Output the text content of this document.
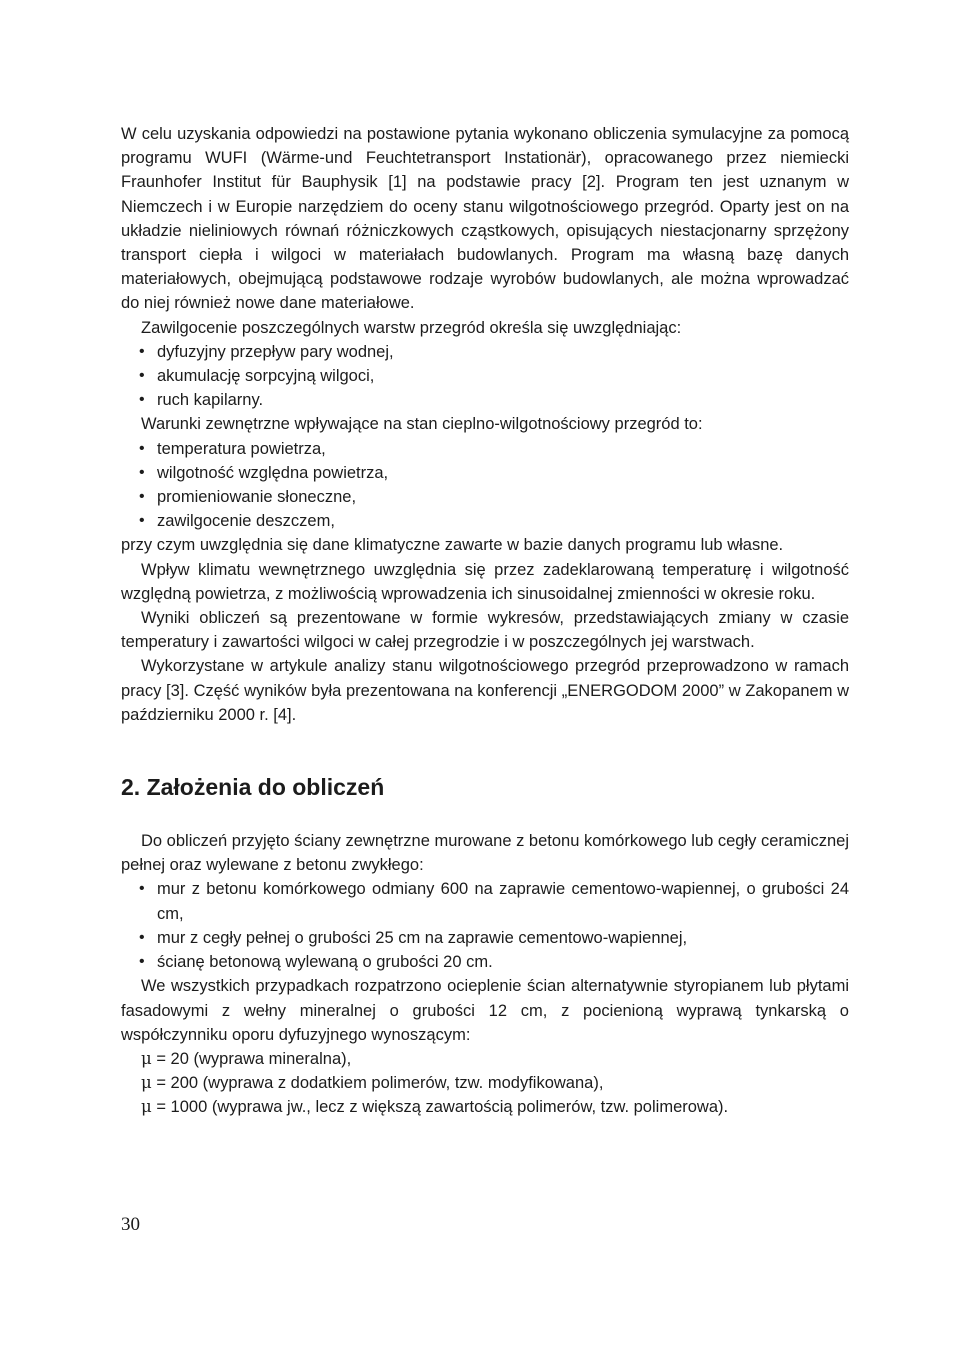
W celu uzyskania odpowiedzi na postawione pytania wykonano obliczenia symulacyjne za pomocą programu WUFI (Wärme-und Feuchtetransport Instationär), opracowanego przez niemiecki Fraunhofer Institut für Bauphysik [1] na podstawie pracy [2]. Program ten jest uznanym w Niemczech i w Europie narzędziem do oceny stanu wilgotnościowego przegród. Oparty jest on na układzie nieliniowych równań różniczkowych cząstkowych, opisujących niestacjonarny sprzężony transport ciepła i wilgoci w materiałach budowlanych. Program ma własną bazę danych materiałowych, obejmującą podstawowe rodzaje wyrobów budowlanych, ale można wprowadzać do niej również nowe dane materiałowe.

Zawilgocenie poszczególnych warstw przegród określa się uwzględniając:

• dyfuzyjny przepływ pary wodnej,
• akumulację sorpcyjną wilgoci,
• ruch kapilarny.

Warunki zewnętrzne wpływające na stan cieplno-wilgotnościowy przegród to:

• temperatura powietrza,
• wilgotność względna powietrza,
• promieniowanie słoneczne,
• zawilgocenie deszczem,

przy czym uwzględnia się dane klimatyczne zawarte w bazie danych programu lub własne.

Wpływ klimatu wewnętrznego uwzględnia się przez zadeklarowaną temperaturę i wilgotność względną powietrza, z możliwością wprowadzenia ich sinusoidalnej zmienności w okresie roku.

Wyniki obliczeń są prezentowane w formie wykresów, przedstawiających zmiany w czasie temperatury i zawartości wilgoci w całej przegrodzie i w poszczególnych jej warstwach.

Wykorzystane w artykule analizy stanu wilgotnościowego przegród przeprowadzono w ramach pracy [3]. Część wyników była prezentowana na konferencji „ENERGODOM 2000” w Zakopanem w październiku 2000 r. [4].

2. Założenia do obliczeń

Do obliczeń przyjęto ściany zewnętrzne murowane z betonu komórkowego lub cegły ceramicznej pełnej oraz wylewane z betonu zwykłego:

• mur z betonu komórkowego odmiany 600 na zaprawie cementowo-wapiennej, o grubości 24 cm,
• mur z cegły pełnej o grubości 25 cm na zaprawie cementowo-wapiennej,
• ścianę betonową wylewaną o grubości 20 cm.

We wszystkich przypadkach rozpatrzono ocieplenie ścian alternatywnie styropianem lub płytami fasadowymi z wełny mineralnej o grubości 12 cm, z pocienioną wyprawą tynkarską o współczynniku oporu dyfuzyjnego wynoszącym:

μ = 20 (wyprawa mineralna),
μ = 200 (wyprawa z dodatkiem polimerów, tzw. modyfikowana),
μ = 1000 (wyprawa jw., lecz z większą zawartością polimerów, tzw. polimerowa).
30
